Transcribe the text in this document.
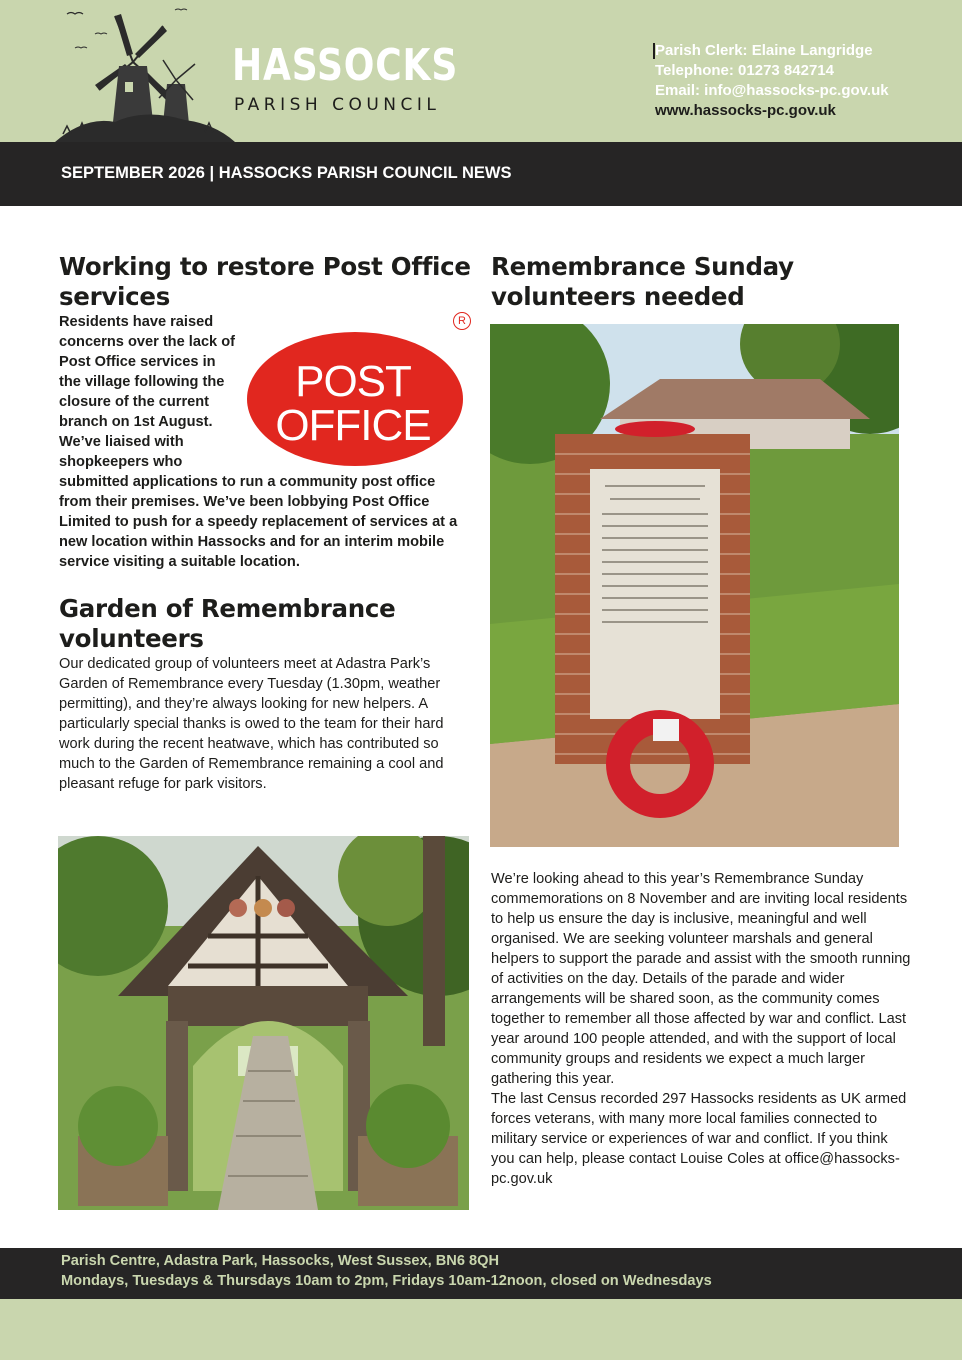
HASSOCKS
PARISH COUNCIL
Parish Clerk: Elaine Langridge
Telephone: 01273 842714
Email: info@hassocks-pc.gov.uk
www.hassocks-pc.gov.uk
SEPTEMBER 2026 | HASSOCKS PARISH COUNCIL NEWS
Working to restore Post Office services
POST
OFFICE
R

Residents have raised concerns over the lack of Post Office services in the village following the closure of the current branch on 1st August. We’ve liaised with shopkeepers who submitted applications to run a community post office from their premises. We’ve been lobbying Post Office Limited to push for a speedy replacement of services at a new location within Hassocks and for an interim mobile service visiting a suitable location.

Garden of Remembrance volunteers

Our dedicated group of volunteers meet at Adastra Park’s Garden of Remembrance every Tuesday (1.30pm, weather permitting), and they’re always looking for new helpers. A particularly special thanks is owed to the team for their hard work during the recent heatwave, which has contributed so much to the Garden of Remembrance remaining a cool and pleasant refuge for park visitors.

Remembrance Sunday volunteers needed

We’re looking ahead to this year’s Remembrance Sunday commemorations on 8 November and are inviting local residents to help us ensure the day is inclusive, meaningful and well organised. We are seeking volunteer marshals and general helpers to support the parade and assist with the smooth running of activities on the day. Details of the parade and wider arrangements will be shared soon, as the community comes together to remember all those affected by war and conflict. Last year around 100 people attended, and with the support of local community groups and residents we expect a much larger gathering this year.

The last Census recorded 297 Hassocks residents as UK armed forces veterans, with many more local families connected to military service or experiences of war and conflict. If you think you can help, please contact Louise Coles at office@hassocks-pc.gov.uk

Parish Centre, Adastra Park, Hassocks, West Sussex, BN6 8QH
Mondays, Tuesdays & Thursdays 10am to 2pm, Fridays 10am-12noon, closed on Wednesdays
